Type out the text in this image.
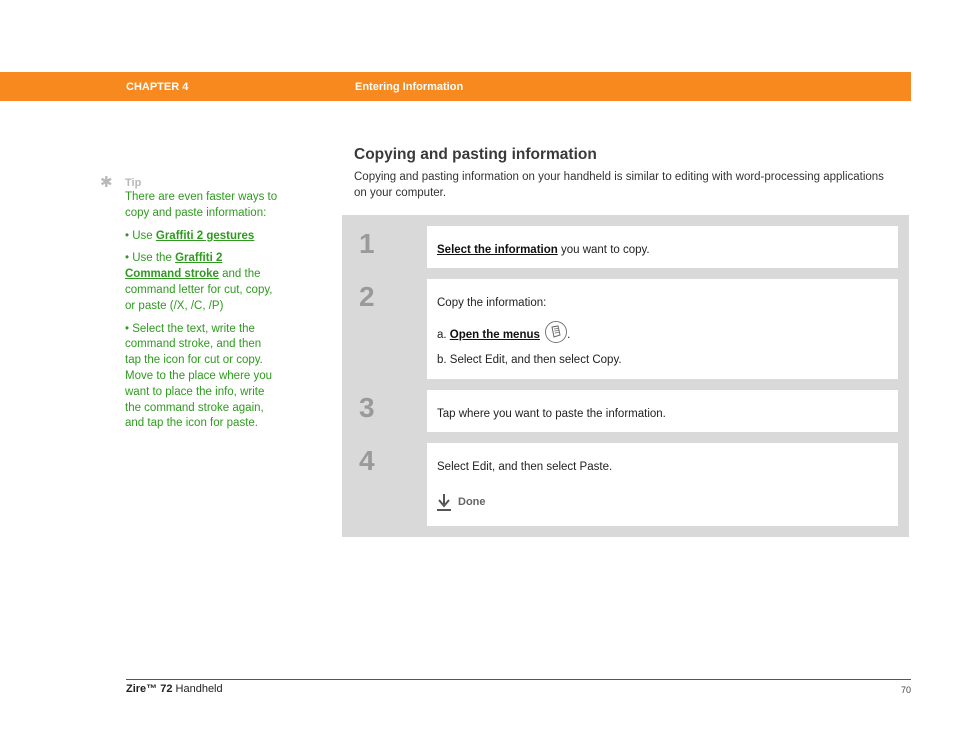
CHAPTER 4	Entering Information
✱ Tip

There are even faster ways to copy and paste information:

• Use Graffiti 2 gestures

• Use the Graffiti 2 Command stroke and the command letter for cut, copy, or paste (/X, /C, /P)

• Select the text, write the command stroke, and then tap the icon for cut or copy. Move to the place where you want to place the info, write the command stroke again, and tap the icon for paste.

Copying and pasting information
Copying and pasting information on your handheld is similar to editing with word-processing applications on your computer.
1	Select the information you want to copy.
2	Copy the information:
a. Open the menus .
b. Select Edit, and then select Copy.
3	Tap where you want to paste the information.
4	Select Edit, and then select Paste.
Done
Zire™ 72 Handheld	70
